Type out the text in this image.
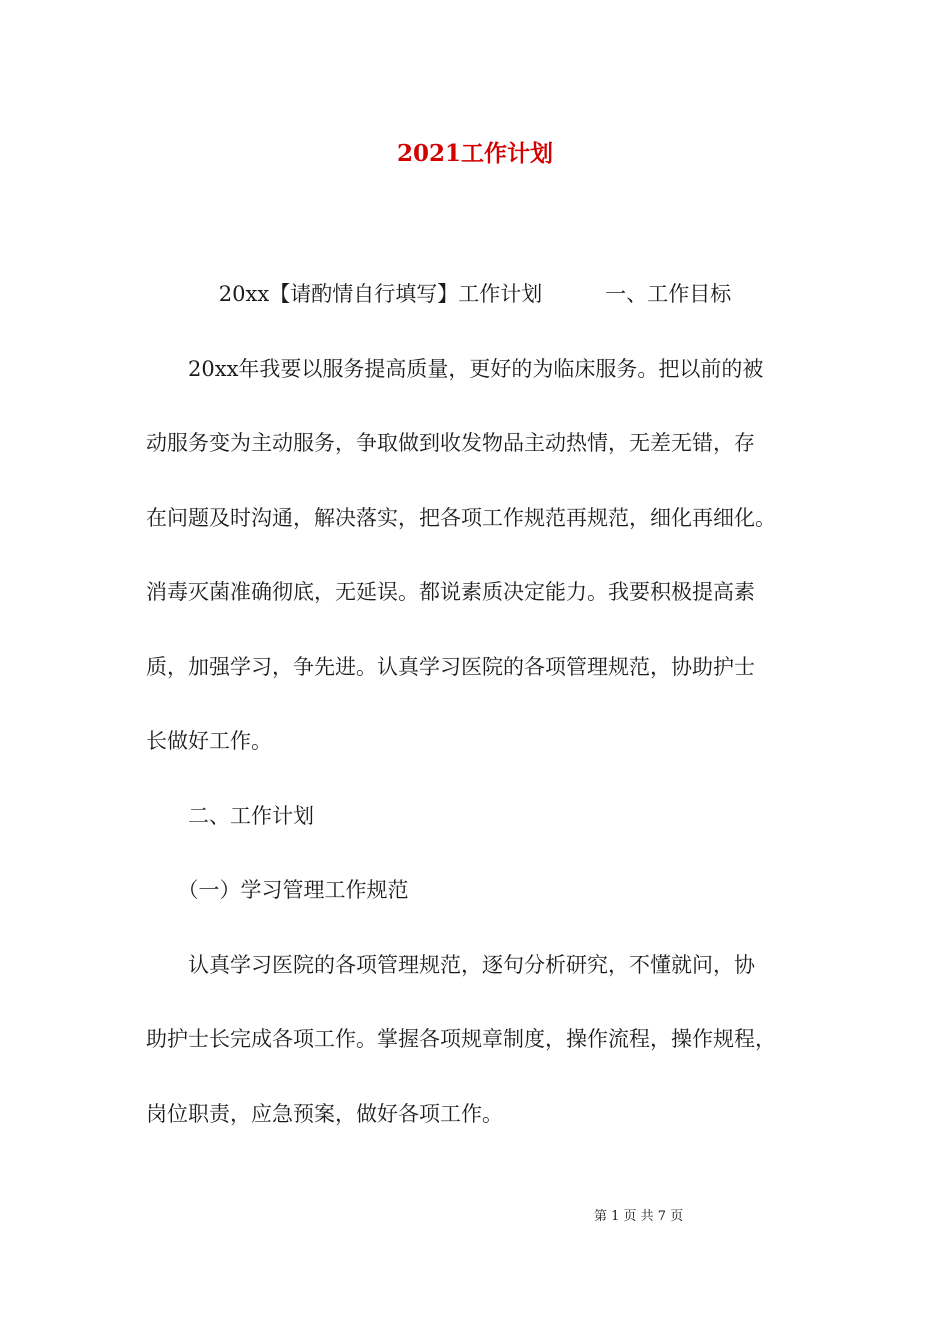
2021工作计划
20xx【请酌情自行填写】工作计划　　　一、工作目标
　　20xx年我要以服务提高质量，更好的为临床服务。把以前的被
动服务变为主动服务，争取做到收发物品主动热情，无差无错，存
在问题及时沟通，解决落实，把各项工作规范再规范，细化再细化。
消毒灭菌准确彻底，无延误。都说素质决定能力。我要积极提高素
质，加强学习，争先进。认真学习医院的各项管理规范，协助护士
长做好工作。
　　二、工作计划
　　（一）学习管理工作规范
　　认真学习医院的各项管理规范，逐句分析研究，不懂就问，协
助护士长完成各项工作。掌握各项规章制度，操作流程，操作规程，
岗位职责，应急预案，做好各项工作。
第 1 页 共 7 页
